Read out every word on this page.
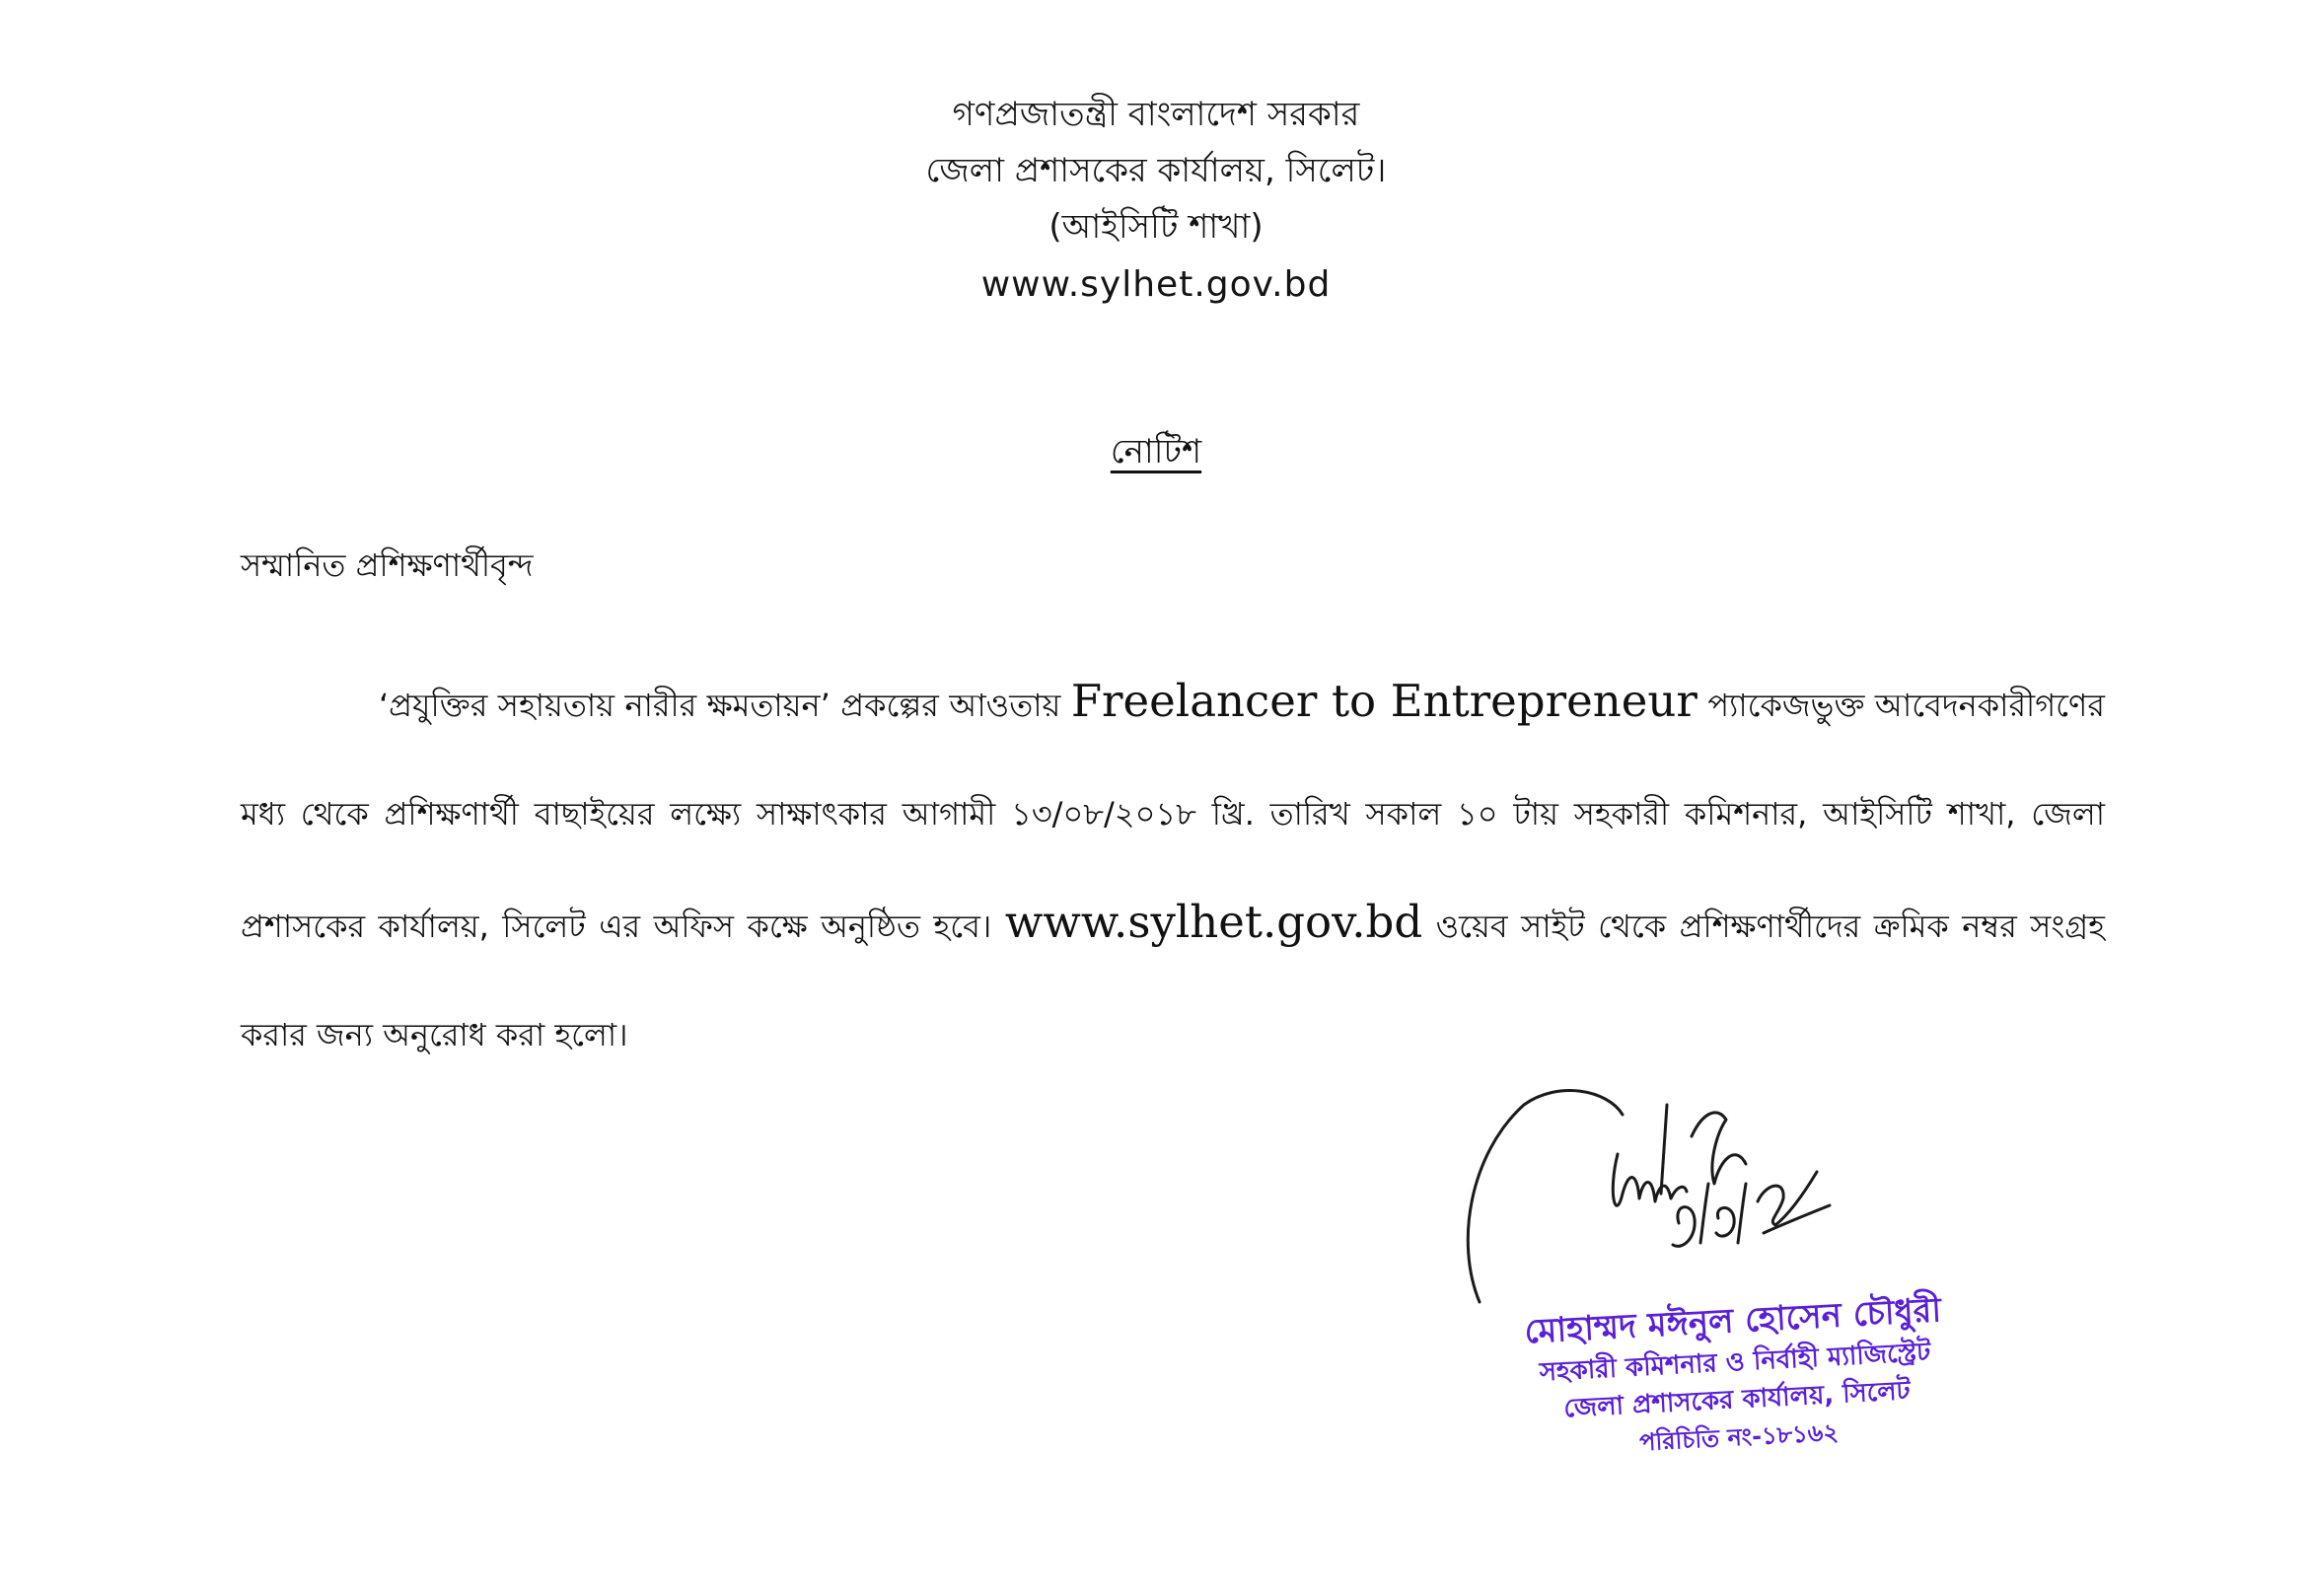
গণপ্রজাতন্ত্রী বাংলাদেশ সরকার
জেলা প্রশাসকের কার্যালয়, সিলেট।
(আইসিটি শাখা)
www.sylhet.gov.bd
নোটিশ
সম্মানিত প্রশিক্ষণার্থীবৃন্দ
‘প্রযুক্তির সহায়তায় নারীর ক্ষমতায়ন’ প্রকল্পের আওতায় Freelancer to Entrepreneur প্যাকেজভুক্ত আবেদনকারীগণের মধ্য থেকে প্রশিক্ষণার্থী বাছাইয়ের লক্ষ্যে সাক্ষাৎকার আগামী ১৩/০৮/২০১৮ খ্রি. তারিখ সকাল ১০ টায় সহকারী কমিশনার, আইসিটি শাখা, জেলা প্রশাসকের কার্যালয়, সিলেট এর অফিস কক্ষে অনুষ্ঠিত হবে। www.sylhet.gov.bd ওয়েব সাইট থেকে প্রশিক্ষণার্থীদের ক্রমিক নম্বর সংগ্রহ করার জন্য অনুরোধ করা হলো।
মোহাম্মদ মঈনুল হোসেন চৌধুরী
সহকারী কমিশনার ও নির্বাহী ম্যাজিস্ট্রেট
জেলা প্রশাসকের কার্যালয়, সিলেট
পরিচিতি নং-১৮১৬২
